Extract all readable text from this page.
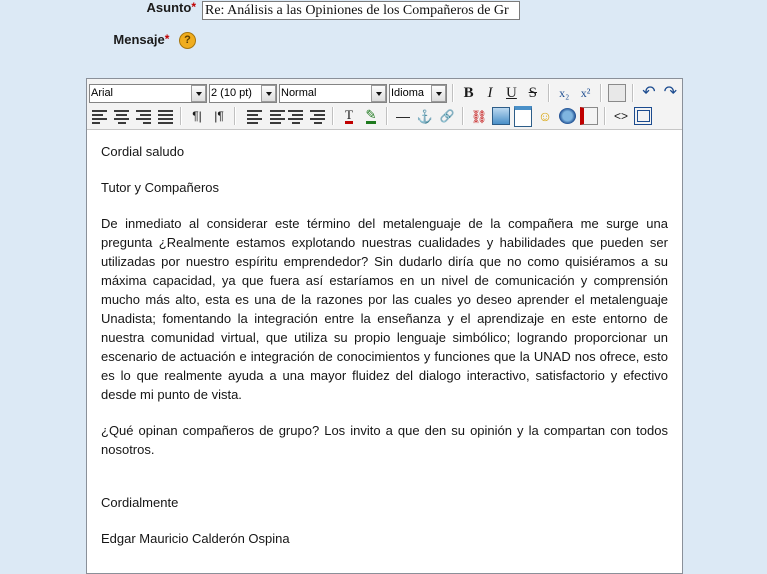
Asunto*
Re: Análisis a las Opiniones de los Compañeros de Gr
Mensaje* ?
Arial
2 (10 pt)
Normal
Idioma
B I U S	x₂ x²	↶ ↷
¶|	|¶	T ✎ — ⚓ 🔗 ⛓	☺	<>

Cordial saludo

Tutor y Compañeros

De inmediato al considerar este término del metalenguaje de la compañera me surge una pregunta ¿Realmente estamos explotando nuestras cualidades y habilidades que pueden ser utilizadas por nuestro espíritu emprendedor? Sin dudarlo diría que no como quisiéramos a su máxima capacidad, ya que fuera así estaríamos en un nivel de comunicación y comprensión mucho más alto, esta es una de la razones por las cuales yo deseo aprender el metalenguaje Unadista; fomentando la integración entre la enseñanza y el aprendizaje en este entorno de nuestra comunidad virtual, que utiliza su propio lenguaje simbólico; logrando proporcionar un escenario de actuación e integración de conocimientos y funciones que la UNAD nos ofrece, esto es lo que realmente ayuda a una mayor fluidez del dialogo interactivo, satisfactorio y efectivo desde mi punto de vista.

¿Qué opinan compañeros de grupo? Los invito a que den su opinión y la compartan con todos nosotros.

Cordialmente

Edgar Mauricio Calderón Ospina
